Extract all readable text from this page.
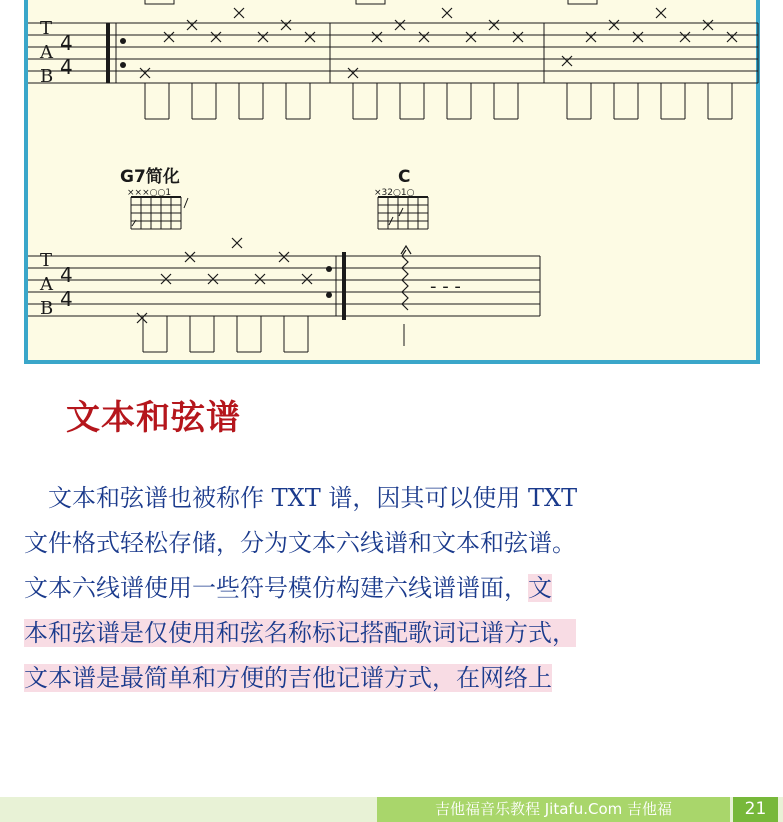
T
A
B
4
4
G7简化	C
×××○○1	×32○1○
T
A
B
4
4
- - -
文本和弦谱
　文本和弦谱也被称作 TXT 谱，因其可以使用 TXT
文件格式轻松存储，分为文本六线谱和文本和弦谱。
文本六线谱使用一些符号模仿构建六线谱谱面，文
本和弦谱是仅使用和弦名称标记搭配歌词记谱方式，
文本谱是最简单和方便的吉他记谱方式，在网络上
吉他福音乐教程 Jitafu.Com 吉他福	21
